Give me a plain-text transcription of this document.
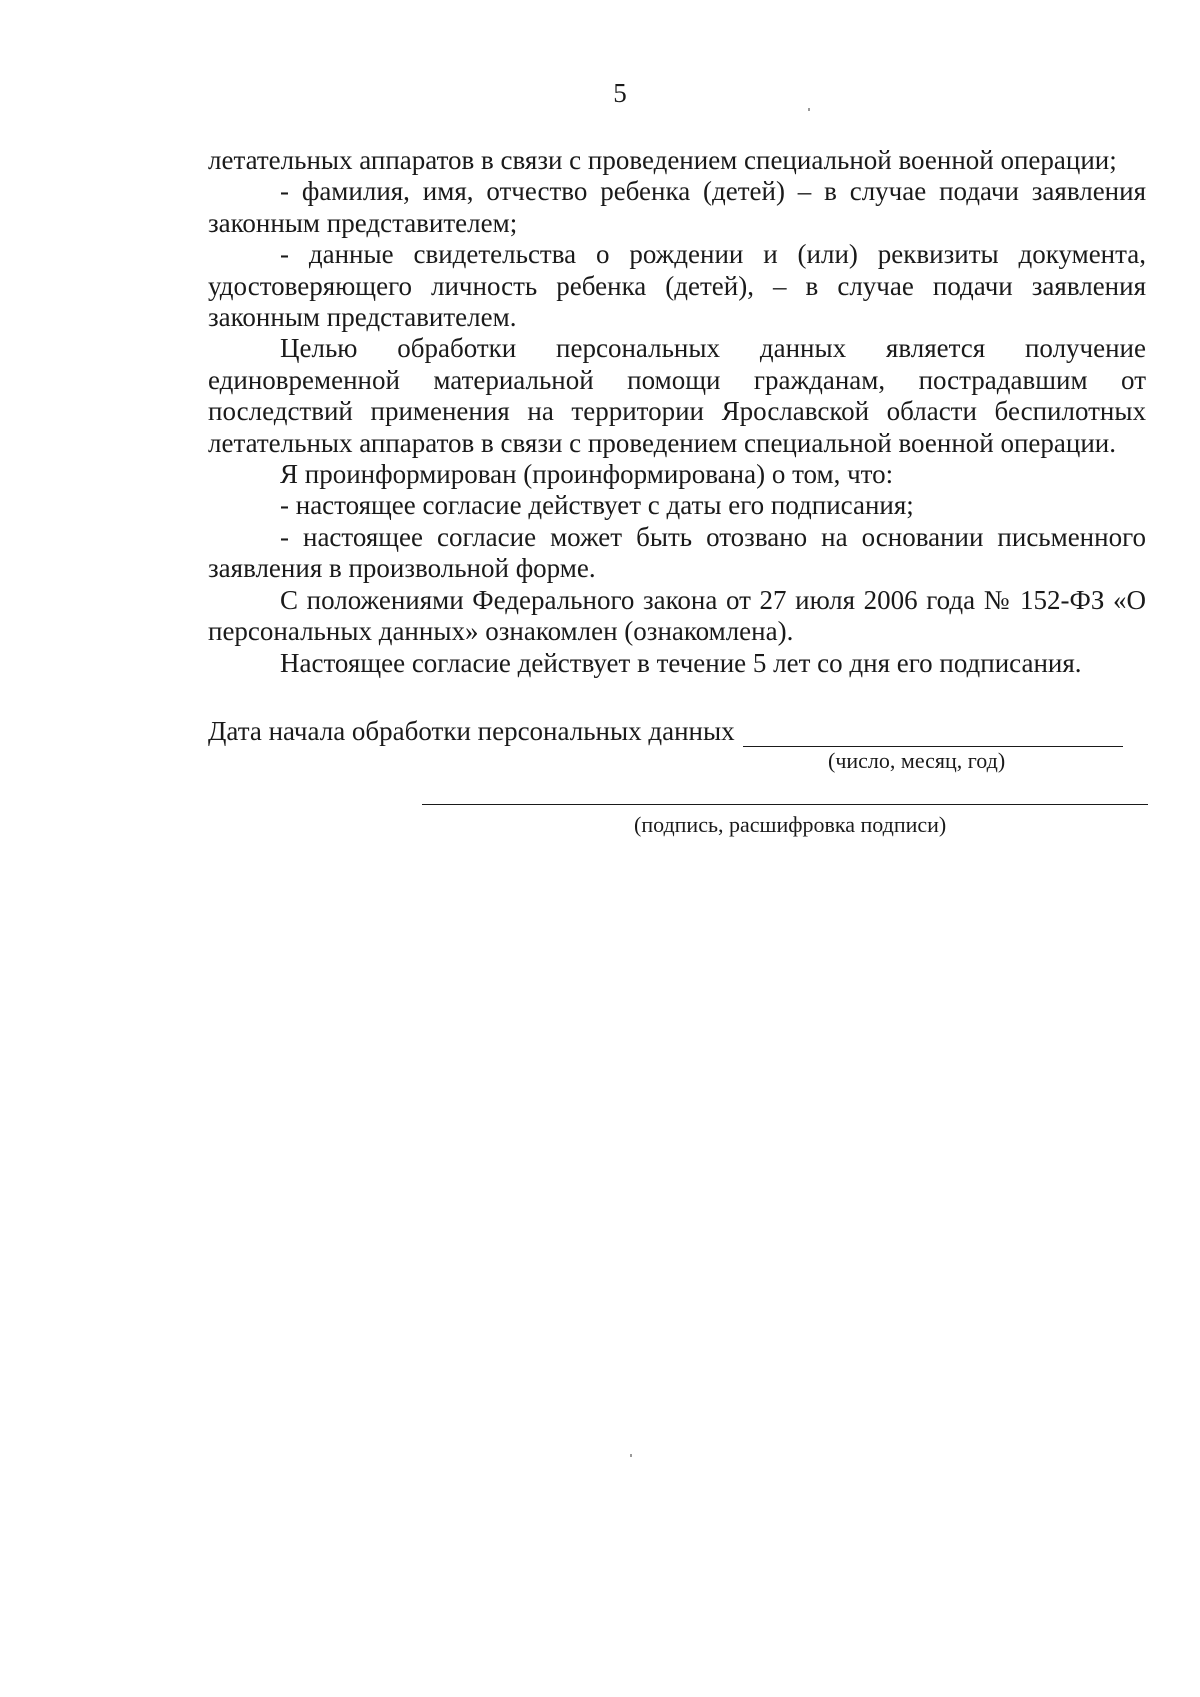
5

летательных аппаратов в связи с проведением специальной военной операции;

- фамилия, имя, отчество ребенка (детей) – в случае подачи заявления законным представителем;

- данные свидетельства о рождении и (или) реквизиты документа, удостоверяющего личность ребенка (детей), – в случае подачи заявления законным представителем.

Целью обработки персональных данных является получение единовременной материальной помощи гражданам, пострадавшим от последствий применения на территории Ярославской области беспилотных летательных аппаратов в связи с проведением специальной военной операции.

Я проинформирован (проинформирована) о том, что:

- настоящее согласие действует с даты его подписания;

- настоящее согласие может быть отозвано на основании письменного заявления в произвольной форме.

С положениями Федерального закона от 27 июля 2006 года № 152-ФЗ «О персональных данных» ознакомлен (ознакомлена).

Настоящее согласие действует в течение 5 лет со дня его подписания.

Дата начала обработки персональных данных
(число, месяц, год)
(подпись, расшифровка подписи)
